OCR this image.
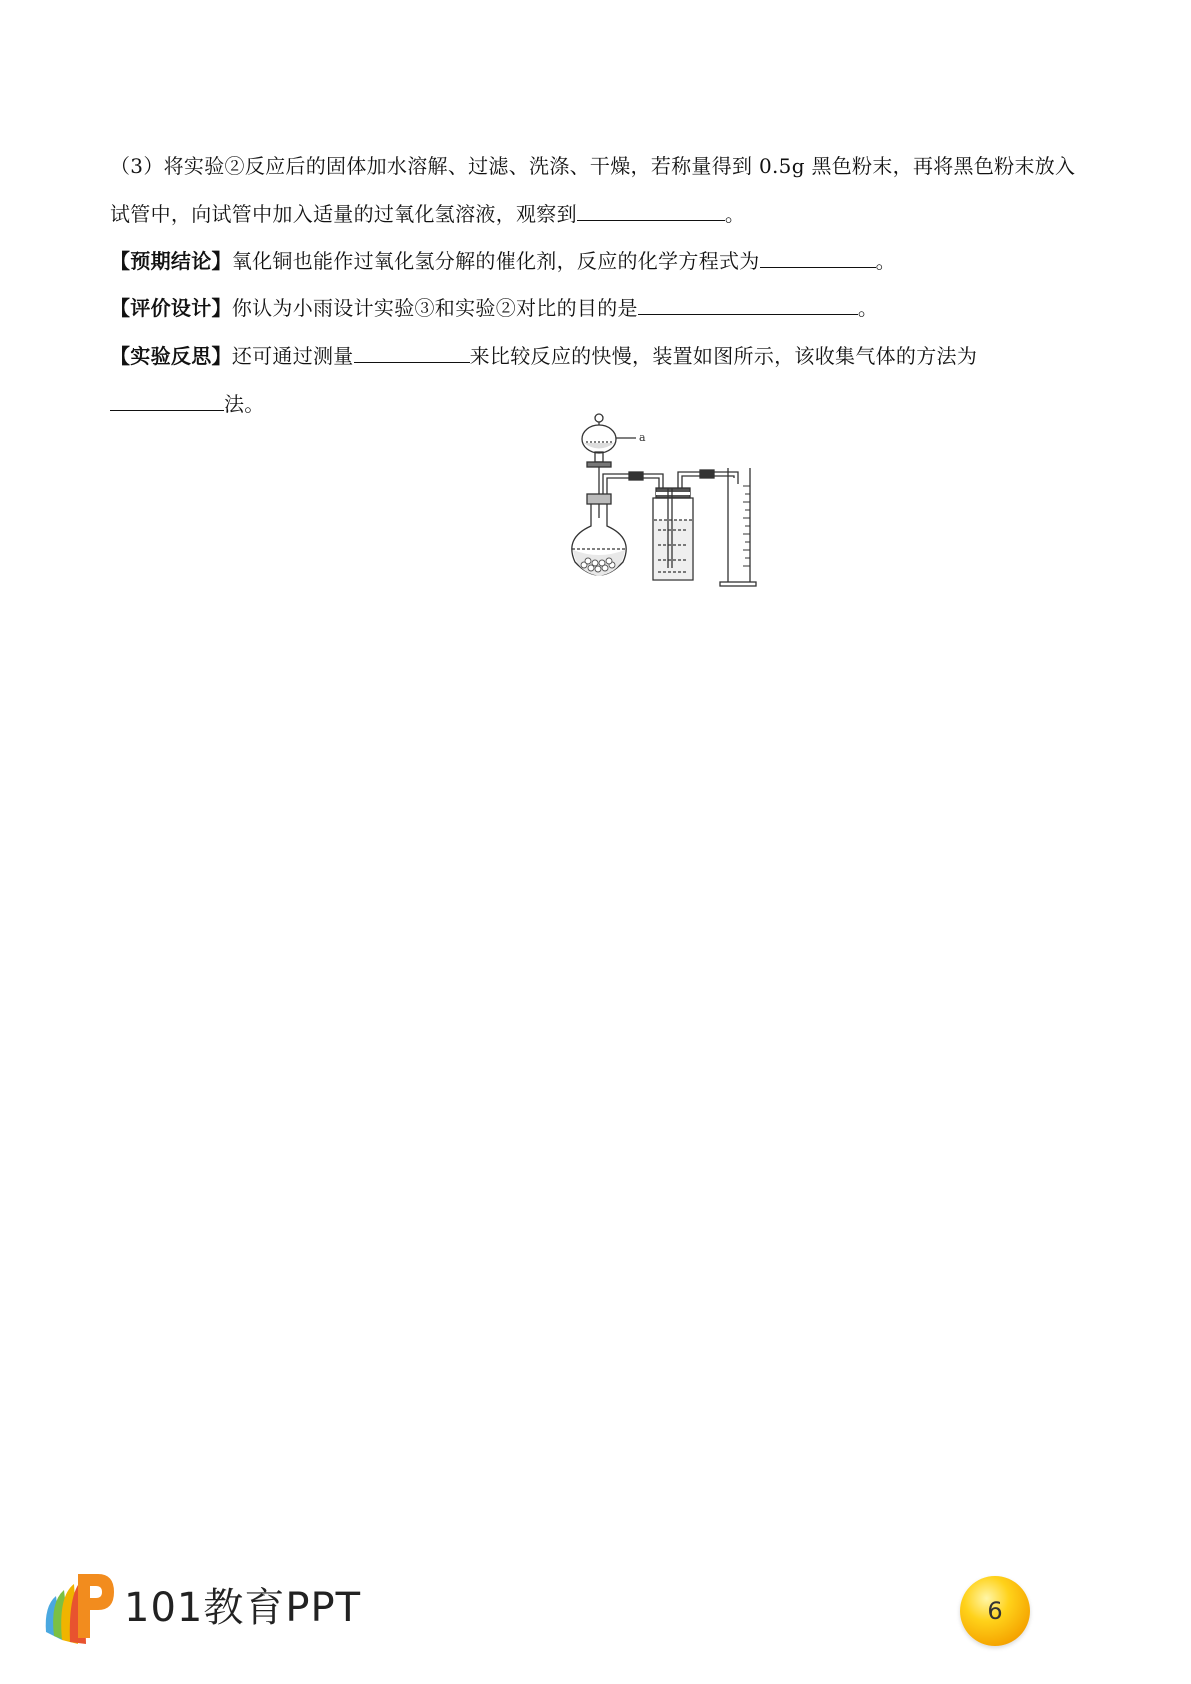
（3）将实验②反应后的固体加水溶解、过滤、洗涤、干燥，若称量得到 0.5g 黑色粉末，再将黑色粉末放入
试管中，向试管中加入适量的过氧化氢溶液，观察到	。
【预期结论】氧化铜也能作过氧化氢分解的催化剂，反应的化学方程式为	。
【评价设计】你认为小雨设计实验③和实验②对比的目的是	。
【实验反思】还可通过测量	来比较反应的快慢，装置如图所示，该收集气体的方法为
法。
a
101教育PPT	6
